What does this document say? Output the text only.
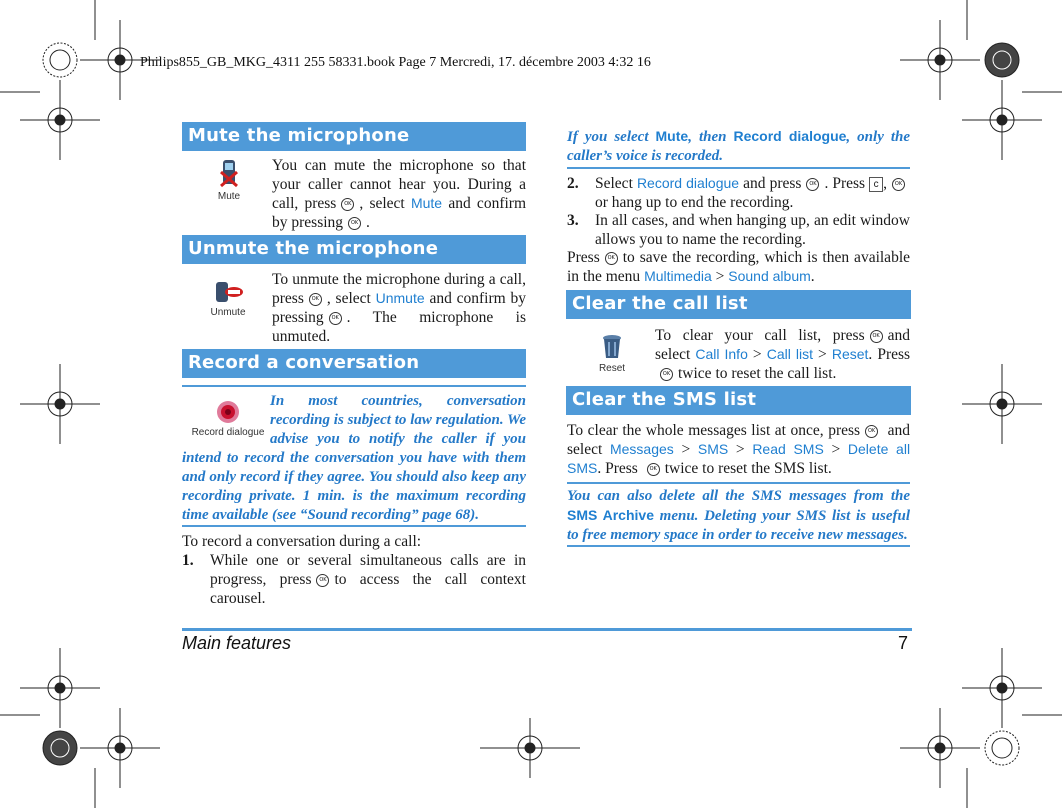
Philips855_GB_MKG_4311 255 58331.book Page 7 Mercredi, 17. décembre 2003 4:32 16
Mute the microphone
Mute
You can mute the microphone so that your caller cannot hear you. During a call, press OK , select Mute and confirm by pressing OK .
Unmute the microphone
Unmute
To unmute the microphone during a call, press OK , select Unmute and confirm by pressing OK . The microphone is unmuted.
Record a conversation
Record dialogue
In most countries, conversation recording is subject to law regulation. We advise you to notify the caller if you intend to record the conversation you have with them and only record if they agree. You should also keep any recording private. 1 min. is the maximum recording time available (see “Sound recording” page 68).
To record a conversation during a call:
1. While one or several simultaneous calls are in progress, press OK to access the call context carousel.
If you select Mute, then Record dialogue, only the caller’s voice is recorded.
2. Select Record dialogue and press OK . Press c , OK or hang up to end the recording.
3. In all cases, and when hanging up, an edit window allows you to name the recording.
Press OK to save the recording, which is then available in the menu Multimedia > Sound album.
Clear the call list
Reset
To clear your call list, press OK and select Call Info > Call list > Reset. Press OK twice to reset the call list.
Clear the SMS list
To clear the whole messages list at once, press OK and select Messages > SMS > Read SMS > Delete all SMS. Press OK twice to reset the SMS list.
You can also delete all the SMS messages from the SMS Archive menu. Deleting your SMS list is useful to free memory space in order to receive new messages.
Main features	7
